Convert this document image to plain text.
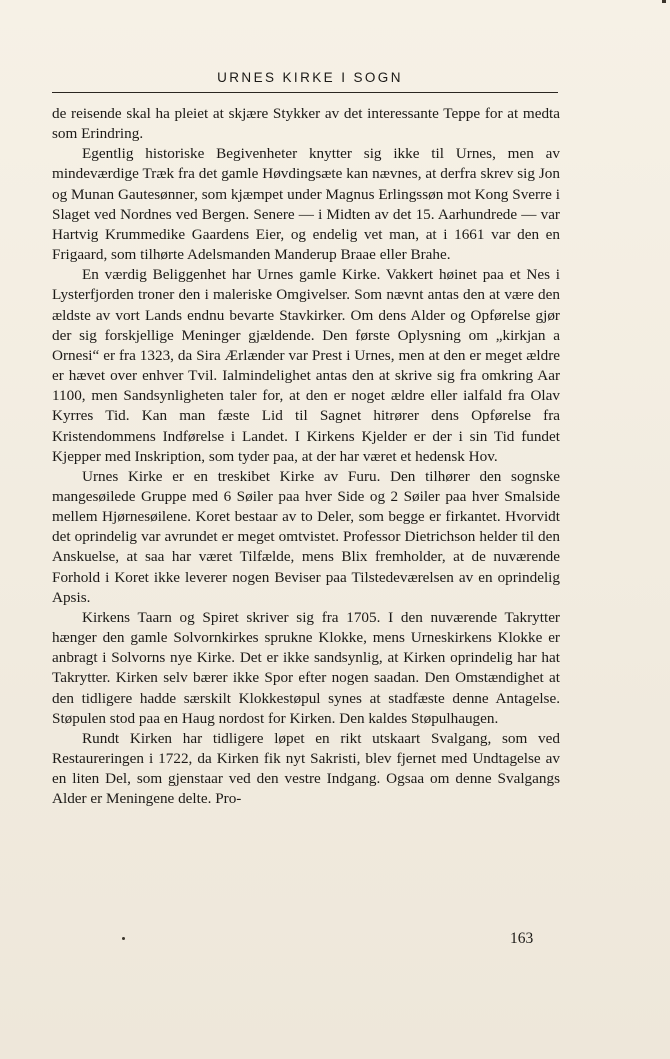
URNES KIRKE I SOGN

de reisende skal ha pleiet at skjære Stykker av det interessante Teppe for at medta som Erindring.

Egentlig historiske Begivenheter knytter sig ikke til Urnes, men av mindeværdige Træk fra det gamle Høvdingsæte kan nævnes, at derfra skrev sig Jon og Munan Gautesønner, som kjæmpet under Magnus Erlingssøn mot Kong Sverre i Slaget ved Nordnes ved Bergen. Senere — i Midten av det 15. Aarhundrede — var Hartvig Krummedike Gaardens Eier, og endelig vet man, at i 1661 var den en Frigaard, som tilhørte Adelsmanden Manderup Braae eller Brahe.

En værdig Beliggenhet har Urnes gamle Kirke. Vakkert høinet paa et Nes i Lysterfjorden troner den i maleriske Omgivelser. Som nævnt antas den at være den ældste av vort Lands endnu bevarte Stavkirker. Om dens Alder og Opførelse gjør der sig forskjellige Meninger gjældende. Den første Oplysning om „kirkjan a Ornesi“ er fra 1323, da Sira Ærlænder var Prest i Urnes, men at den er meget ældre er hævet over enhver Tvil. Ialmindelighet antas den at skrive sig fra omkring Aar 1100, men Sandsynligheten taler for, at den er noget ældre eller ialfald fra Olav Kyrres Tid. Kan man fæste Lid til Sagnet hitrører dens Opførelse fra Kristendommens Indførelse i Landet. I Kirkens Kjelder er der i sin Tid fundet Kjepper med Inskription, som tyder paa, at der har været et hedensk Hov.

Urnes Kirke er en treskibet Kirke av Furu. Den tilhører den sognske mangesøilede Gruppe med 6 Søiler paa hver Side og 2 Søiler paa hver Smalside mellem Hjørnesøilene. Koret bestaar av to Deler, som begge er firkantet. Hvorvidt det oprindelig var avrundet er meget omtvistet. Professor Dietrichson helder til den Anskuelse, at saa har været Tilfælde, mens Blix fremholder, at de nuværende Forhold i Koret ikke leverer nogen Beviser paa Tilstedeværelsen av en oprindelig Apsis.

Kirkens Taarn og Spiret skriver sig fra 1705. I den nuværende Takrytter hænger den gamle Solvornkirkes sprukne Klokke, mens Urneskirkens Klokke er anbragt i Solvorns nye Kirke. Det er ikke sandsynlig, at Kirken oprindelig har hat Takrytter. Kirken selv bærer ikke Spor efter nogen saadan. Den Omstændighet at den tidligere hadde særskilt Klokkestøpul synes at stadfæste denne Antagelse. Støpulen stod paa en Haug nordost for Kirken. Den kaldes Støpulhaugen.

Rundt Kirken har tidligere løpet en rikt utskaart Svalgang, som ved Restaureringen i 1722, da Kirken fik nyt Sakristi, blev fjernet med Undtagelse av en liten Del, som gjenstaar ved den vestre Indgang. Ogsaa om denne Svalgangs Alder er Meningene delte. Pro-

163
